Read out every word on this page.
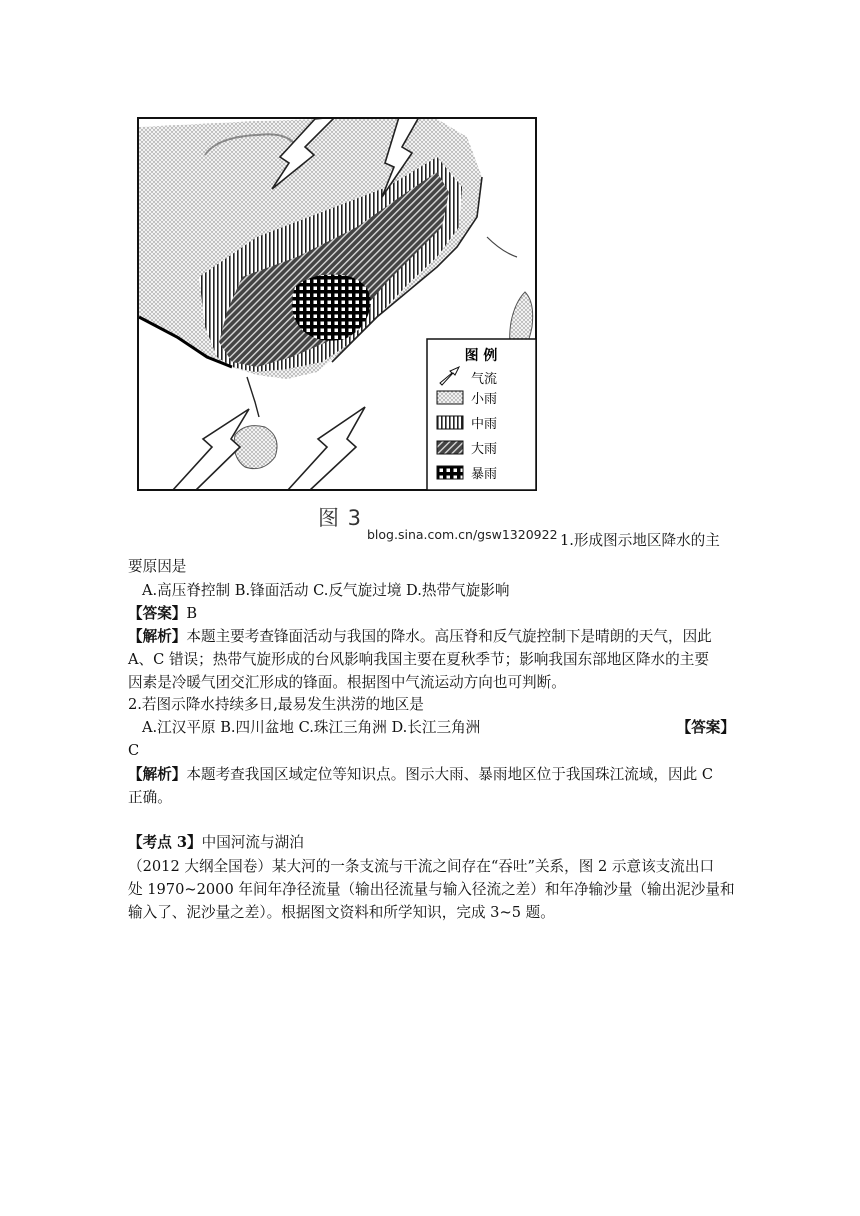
图 例
气流
小雨
中雨
大雨
暴雨
图 3
blog.sina.com.cn/gsw1320922 1.形成图示地区降水的主
要原因是
A.高压脊控制 B.锋面活动 C.反气旋过境 D.热带气旋影响
【答案】B
【解析】本题主要考查锋面活动与我国的降水。高压脊和反气旋控制下是晴朗的天气，因此
A、C 错误；热带气旋形成的台风影响我国主要在夏秋季节；影响我国东部地区降水的主要
因素是冷暖气团交汇形成的锋面。根据图中气流运动方向也可判断。
2.若图示降水持续多日,最易发生洪涝的地区是
A.江汉平原 B.四川盆地 C.珠江三角洲 D.长江三角洲	【答案】
C
【解析】本题考查我国区域定位等知识点。图示大雨、暴雨地区位于我国珠江流域，因此 C
正确。
【考点 3】中国河流与湖泊
（2012 大纲全国卷）某大河的一条支流与干流之间存在“吞吐”关系，图 2 示意该支流出口
处 1970~2000 年间年净径流量（输出径流量与输入径流之差）和年净输沙量（输出泥沙量和
输入了、泥沙量之差）。根据图文资料和所学知识，完成 3~5 题。
